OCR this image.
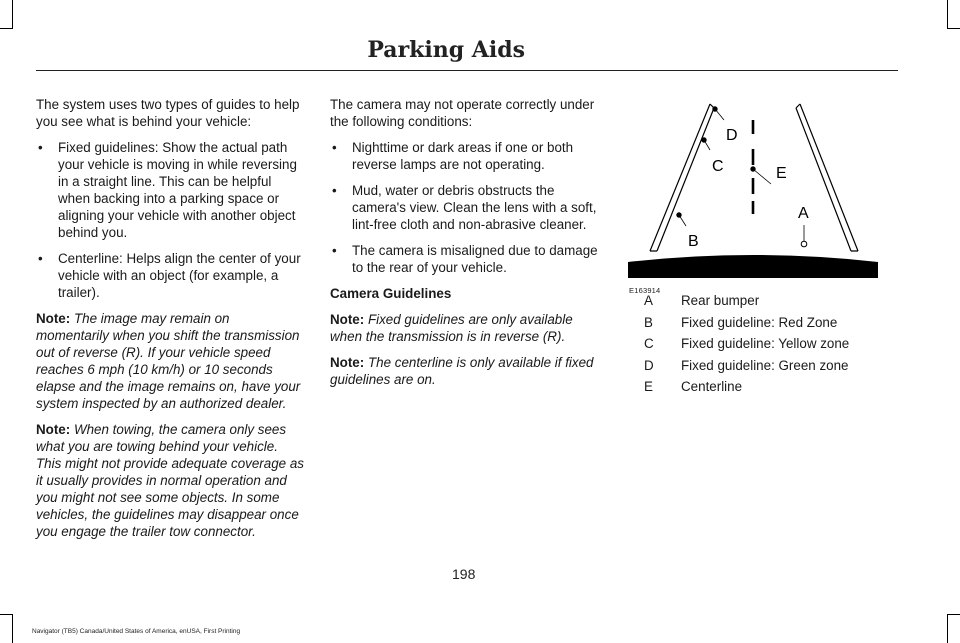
Parking Aids

The system uses two types of guides to help you see what is behind your vehicle:

• Fixed guidelines: Show the actual path your vehicle is moving in while reversing in a straight line. This can be helpful when backing into a parking space or aligning your vehicle with another object behind you.
• Centerline: Helps align the center of your vehicle with an object (for example, a trailer).

Note: The image may remain on momentarily when you shift the transmission out of reverse (R). If your vehicle speed reaches 6 mph (10 km/h) or 10 seconds elapse and the image remains on, have your system inspected by an authorized dealer.

Note: When towing, the camera only sees what you are towing behind your vehicle. This might not provide adequate coverage as it usually provides in normal operation and you might not see some objects. In some vehicles, the guidelines may disappear once you engage the trailer tow connector.

The camera may not operate correctly under the following conditions:

• Nighttime or dark areas if one or both reverse lamps are not operating.
• Mud, water or debris obstructs the camera's view. Clean the lens with a soft, lint-free cloth and non-abrasive cleaner.
• The camera is misaligned due to damage to the rear of your vehicle.

Camera Guidelines

Note: Fixed guidelines are only available when the transmission is in reverse (R).

Note: The centerline is only available if fixed guidelines are on.

D
C	E
B
A
E163914
A	Rear bumper
B	Fixed guideline: Red Zone
C	Fixed guideline: Yellow zone
D	Fixed guideline: Green zone
E	Centerline
198
Navigator (TB5) Canada/United States of America, enUSA, First Printing
